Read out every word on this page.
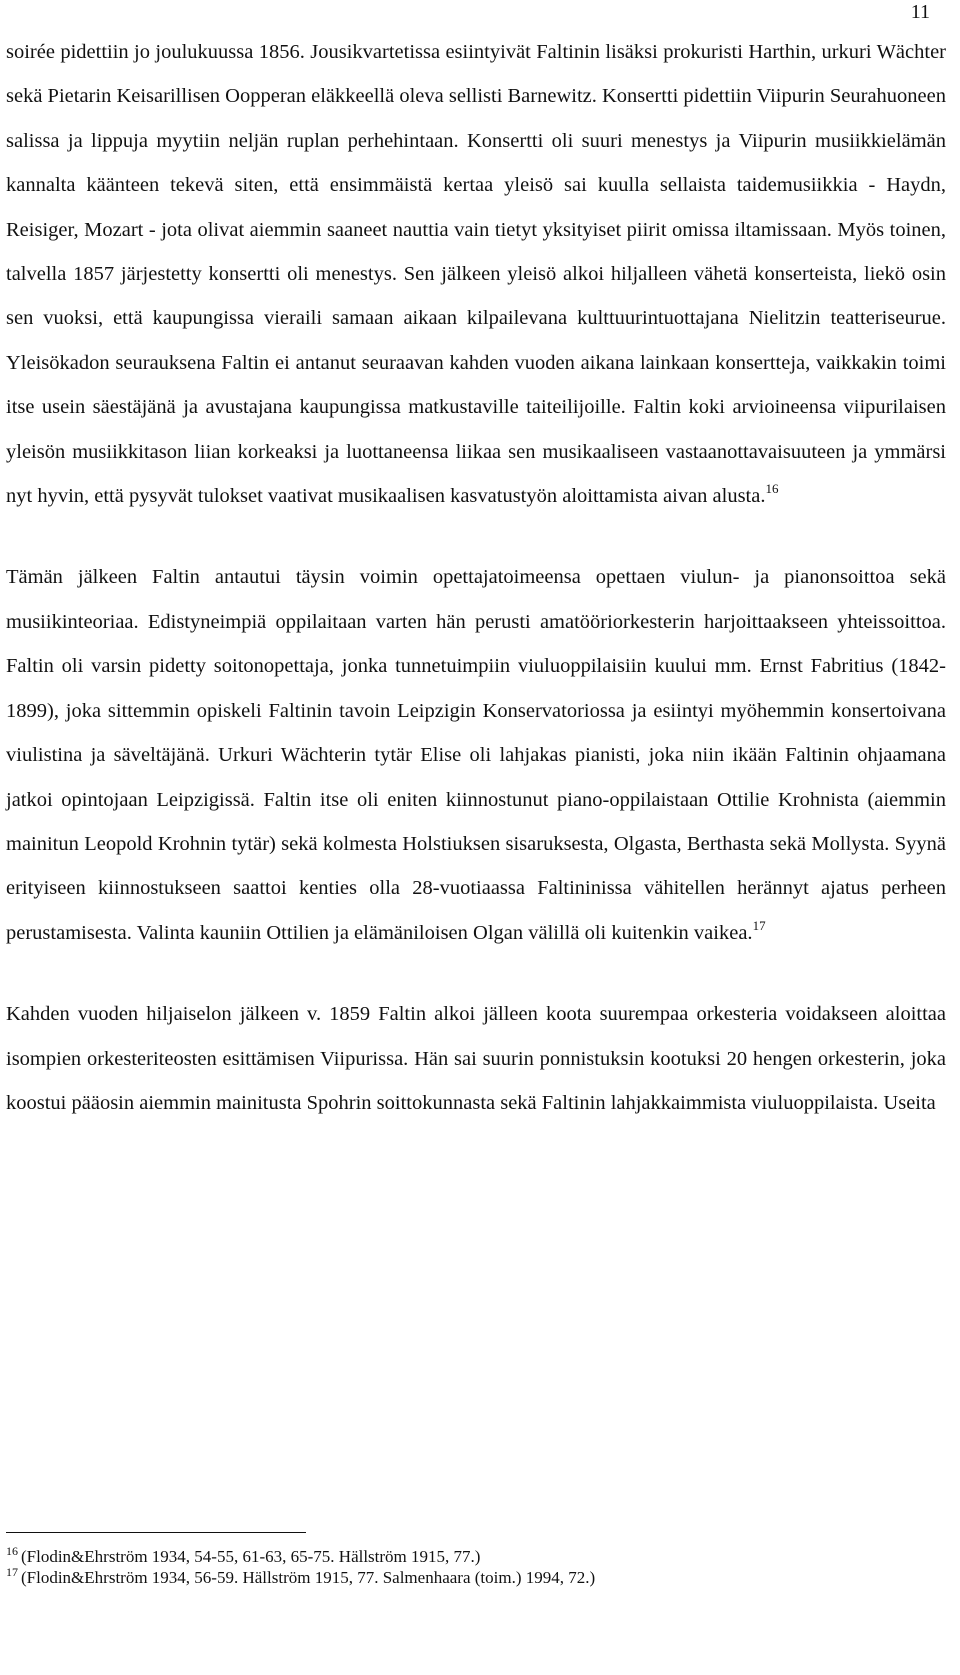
11

soirée pidettiin jo joulukuussa 1856. Jousikvartetissa esiintyivät Faltinin lisäksi prokuristi Harthin, urkuri Wächter sekä Pietarin Keisarillisen Oopperan eläkkeellä oleva sellisti Barnewitz. Konsertti pidettiin Viipurin Seurahuoneen salissa ja lippuja myytiin neljän ruplan perhehintaan. Konsertti oli suuri menestys ja Viipurin musiikkielämän kannalta käänteen tekevä siten, että ensimmäistä kertaa yleisö sai kuulla sellaista taidemusiikkia - Haydn, Reisiger, Mozart - jota olivat aiemmin saaneet nauttia vain tietyt yksityiset piirit omissa iltamissaan. Myös toinen, talvella 1857 järjestetty konsertti oli menestys. Sen jälkeen yleisö alkoi hiljalleen vähetä konserteista, liekö osin sen vuoksi, että kaupungissa vieraili samaan aikaan kilpailevana kulttuurintuottajana Nielitzin teatteriseurue. Yleisökadon seurauksena Faltin ei antanut seuraavan kahden vuoden aikana lainkaan konsertteja, vaikkakin toimi itse usein säestäjänä ja avustajana kaupungissa matkustaville taiteilijoille. Faltin koki arvioineensa viipurilaisen yleisön musiikkitason liian korkeaksi ja luottaneensa liikaa sen musikaaliseen vastaanottavaisuuteen ja ymmärsi nyt hyvin, että pysyvät tulokset vaativat musikaalisen kasvatustyön aloittamista aivan alusta.$^{16}$

Tämän jälkeen Faltin antautui täysin voimin opettajatoimeensa opettaen viulun- ja pianonsoittoa sekä musiikinteoriaa. Edistyneimpiä oppilaitaan varten hän perusti amatööriorkesterin harjoittaakseen yhteissoittoa. Faltin oli varsin pidetty soitonopettaja, jonka tunnetuimpiin viuluoppilaisiin kuului mm. Ernst Fabritius (1842-1899), joka sittemmin opiskeli Faltinin tavoin Leipzigin Konservatoriossa ja esiintyi myöhemmin konsertoivana viulistina ja säveltäjänä. Urkuri Wächterin tytär Elise oli lahjakas pianisti, joka niin ikään Faltinin ohjaamana jatkoi opintojaan Leipzigissä. Faltin itse oli eniten kiinnostunut piano-oppilaistaan Ottilie Krohnista (aiemmin mainitun Leopold Krohnin tytär) sekä kolmesta Holstiuksen sisaruksesta, Olgasta, Berthasta sekä Mollysta. Syynä erityiseen kiinnostukseen saattoi kenties olla 28-vuotiaassa Faltininissa vähitellen herännyt ajatus perheen perustamisesta. Valinta kauniin Ottilien ja elämäniloisen Olgan välillä oli kuitenkin vaikea.$^{17}$

Kahden vuoden hiljaiselon jälkeen v. 1859 Faltin alkoi jälleen koota suurempaa orkesteria voidakseen aloittaa isompien orkesteriteosten esittämisen Viipurissa. Hän sai suurin ponnistuksin kootuksi 20 hengen orkesterin, joka koostui pääosin aiemmin mainitusta Spohrin soittokunnasta sekä Faltinin lahjakkaimmista viuluoppilaista. Useita

$^{16}$ (Flodin&Ehrström 1934, 54-55, 61-63, 65-75. Hällström 1915, 77.)

$^{17}$ (Flodin&Ehrström 1934, 56-59. Hällström 1915, 77. Salmenhaara (toim.) 1994, 72.)
